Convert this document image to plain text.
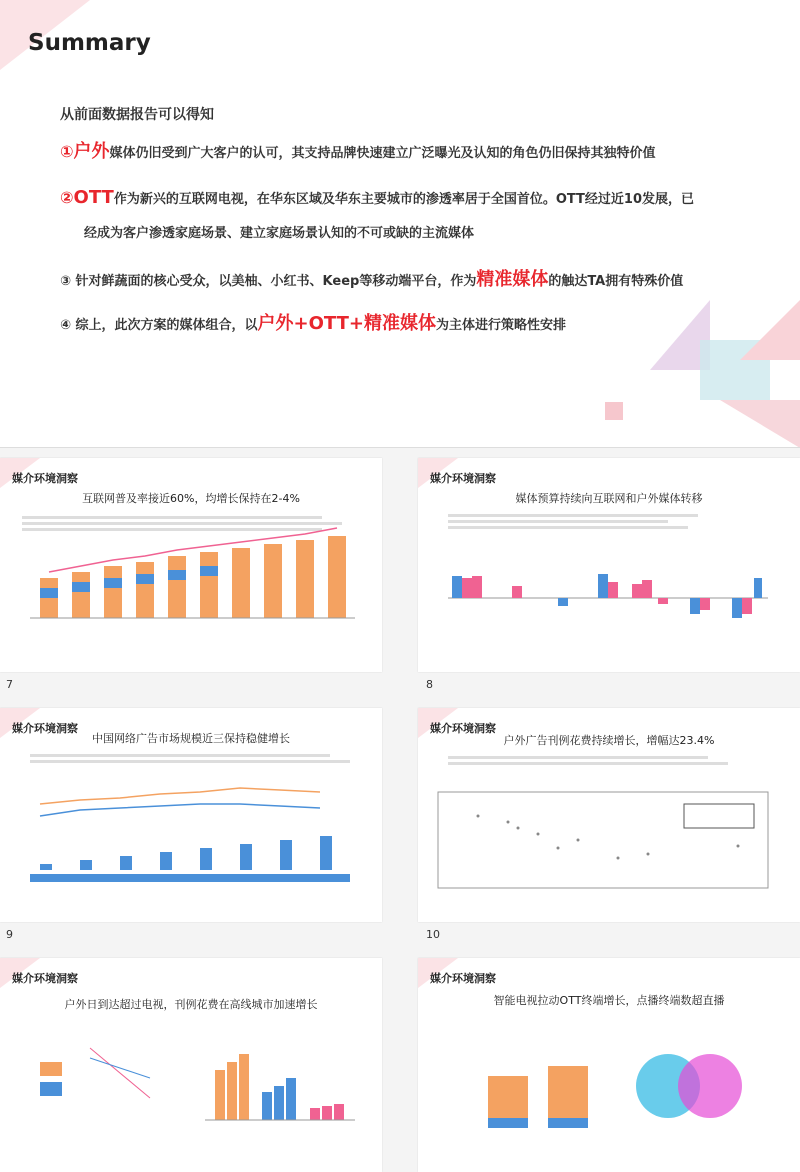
Summary
从前面数据报告可以得知
①户外媒体仍旧受到广大客户的认可，其支持品牌快速建立广泛曝光及认知的角色仍旧保持其独特价值
②OTT作为新兴的互联网电视，在华东区域及华东主要城市的渗透率居于全国首位。OTT经过近10发展，已
经成为客户渗透家庭场景、建立家庭场景认知的不可或缺的主流媒体
③ 针对鲜蔬面的核心受众，以美柚、小红书、Keep等移动端平台，作为精准媒体的触达TA拥有特殊价值
④ 综上，此次方案的媒体组合，以户外+OTT+精准媒体为主体进行策略性安排
媒介环境洞察
互联网普及率接近60%，均增长保持在2-4%
7
媒介环境洞察
媒体预算持续向互联网和户外媒体转移
8
媒介环境洞察
中国网络广告市场规模近三保持稳健增长
9
媒介环境洞察
户外广告刊例花费持续增长，增幅达23.4%
10
媒介环境洞察
户外日到达超过电视，刊例花费在高线城市加速增长
媒介环境洞察
智能电视拉动OTT终端增长，点播终端数超直播
